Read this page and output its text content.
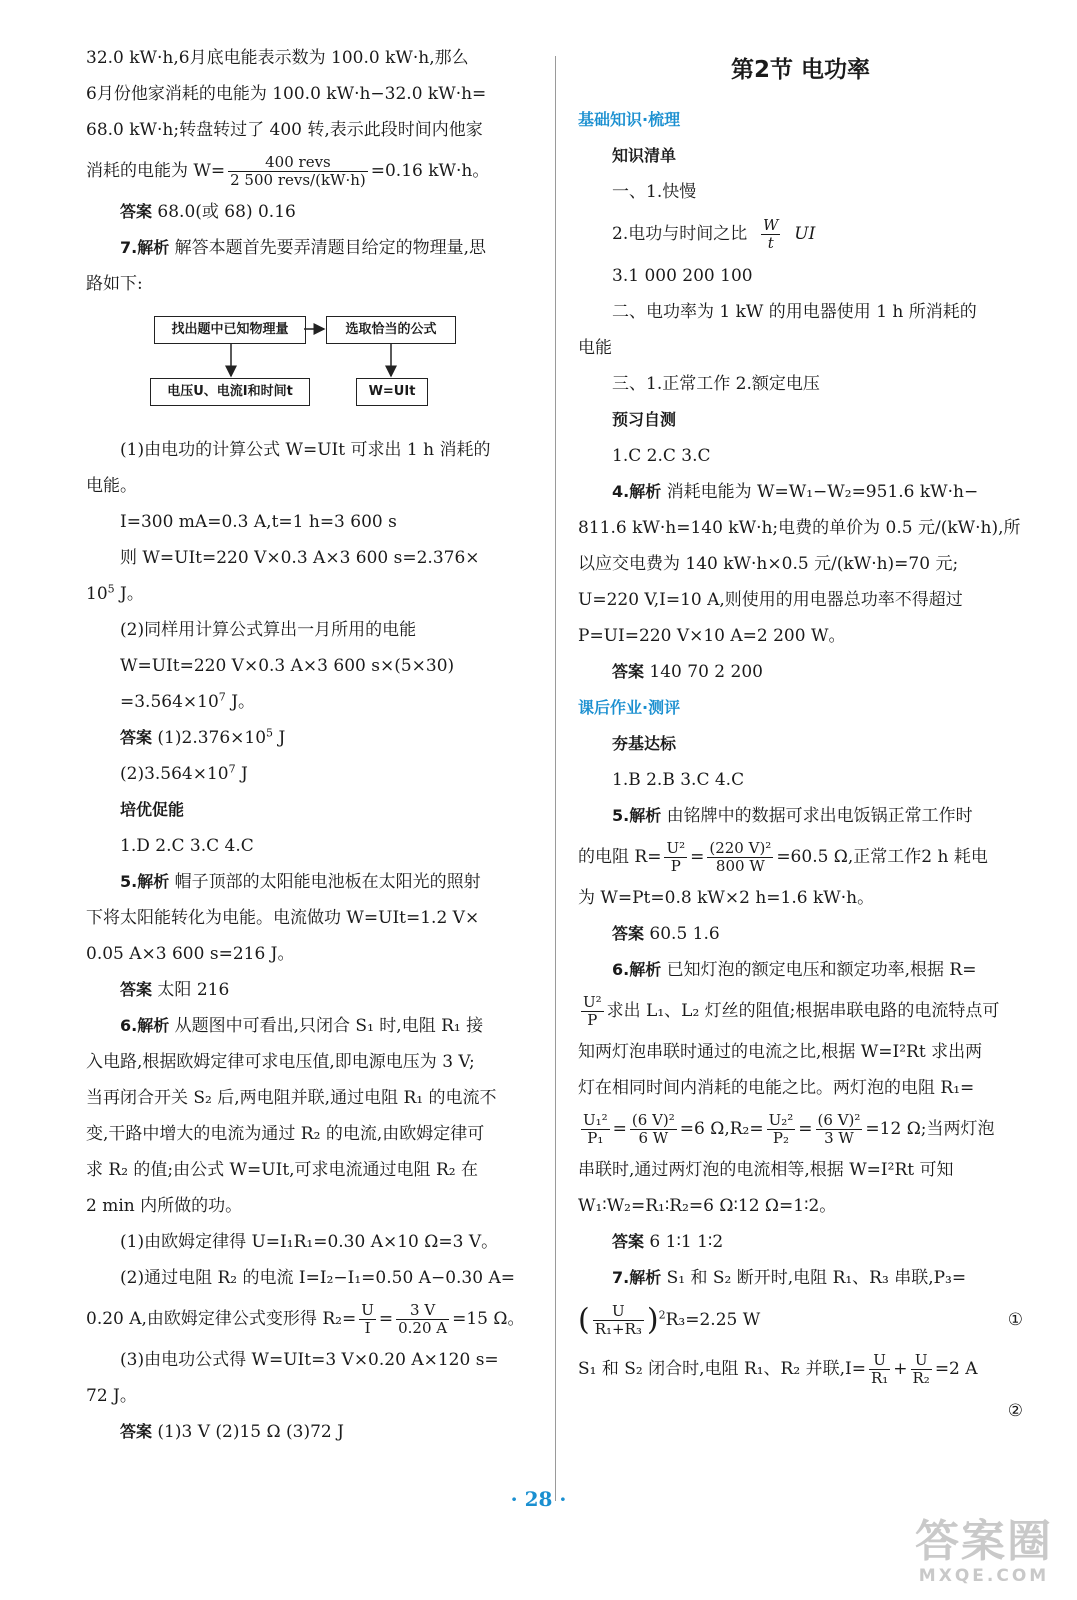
32.0 kW·h,6月底电能表示数为 100.0 kW·h,那么
6月份他家消耗的电能为 100.0 kW·h−32.0 kW·h=
68.0 kW·h;转盘转过了 400 转,表示此段时间内他家
消耗的电能为 $W= \frac{\text{400 revs}}{\text{2 500 revs/(kW·h)}} =0.16$ kW·h。
答案 68.0(或 68) 0.16
7.解析 解答本题首先要弄清题目给定的物理量,思
路如下:
找出题中已知物理量	选取恰当的公式
电压U、电流I和时间t	W=UIt
(1)由电功的计算公式 W=UIt 可求出 1 h 消耗的
电能。
I=300 mA=0.3 A,t=1 h=3 600 s
则 W=UIt=220 V×0.3 A×3 600 s=2.376×
$10^5$ J。
(2)同样用计算公式算出一月所用的电能
W=UIt=220 V×0.3 A×3 600 s×(5×30)
$=3.564\times 10^7$ J。
答案 $(1)2.376\times 10^5$ J
$(2)3.564\times 10^7$ J
培优促能
1.D 2.C 3.C 4.C
5.解析 帽子顶部的太阳能电池板在太阳光的照射
下将太阳能转化为电能。电流做功 W=UIt=1.2 V×
0.05 A×3 600 s=216 J。
答案 太阳 216
6.解析 从题图中可看出,只闭合 S₁ 时,电阻 R₁ 接
入电路,根据欧姆定律可求电压值,即电源电压为 3 V;
当再闭合开关 S₂ 后,两电阻并联,通过电阻 R₁ 的电流不
变,干路中增大的电流为通过 R₂ 的电流,由欧姆定律可
求 R₂ 的值;由公式 W=UIt,可求电流通过电阻 R₂ 在
2 min 内所做的功。
(1)由欧姆定律得 U=I₁R₁=0.30 A×10 Ω=3 V。
(2)通过电阻 R₂ 的电流 I=I₂−I₁=0.50 A−0.30 A=
0.20 A,由欧姆定律公式变形得 $R_2= \frac{U}{I} = \frac{3 V}{0.20 A} =15$ Ω。
(3)由电功公式得 W=UIt=3 V×0.20 A×120 s=
72 J。
答案 (1)3 V (2)15 Ω (3)72 J
第2节 电功率
基础知识·梳理
知识清单
一、1.快慢
2.电功与时间之比 $\frac{W}{t}$ UI
3.1 000 200 100
二、电功率为 1 kW 的用电器使用 1 h 所消耗的
电能
三、1.正常工作 2.额定电压
预习自测
1.C 2.C 3.C
4.解析 消耗电能为 W=W₁−W₂=951.6 kW·h−
811.6 kW·h=140 kW·h;电费的单价为 0.5 元/(kW·h),所
以应交电费为 140 kW·h×0.5 元/(kW·h)=70 元;
U=220 V,I=10 A,则使用的用电器总功率不得超过
P=UI=220 V×10 A=2 200 W。
答案 140 70 2 200
课后作业·测评
夯基达标
1.B 2.B 3.C 4.C
5.解析 由铭牌中的数据可求出电饭锅正常工作时
的电阻 $R= \frac{\text{U²}}{P} = \frac{\text{(220 V)²}}{800 W} =60.5$ Ω,正常工作2 h 耗电
为 W=Pt=0.8 kW×2 h=1.6 kW·h。
答案 60.5 1.6
6.解析 已知灯泡的额定电压和额定功率,根据 R=
$\frac{\text{U²}}{P}$ 求出 L₁、L₂ 灯丝的阻值;根据串联电路的电流特点可
知两灯泡串联时通过的电流之比,根据 W=I²Rt 求出两
灯在相同时间内消耗的电能之比。两灯泡的电阻 R₁=
$\frac{\text{U₁²}}{\text{P₁}} = \frac{\text{(6 V)²}}{6 W} =6$ $\Omega,R_2= \frac{\text{U₂²}}{\text{P₂}} = \frac{\text{(6 V)²}}{3 W} =12$ Ω;当两灯泡
串联时,通过两灯泡的电流相等,根据 W=I²Rt 可知
W₁∶W₂=R₁∶R₂=6 Ω∶12 Ω=1∶2。
答案 6 1∶1 1∶2
7.解析 S₁ 和 S₂ 断开时,电阻 R₁、R₃ 串联,P₃=
( $\frac{U}{\text{R₁+R₃}} )^2R_3=2.25$ W	①
S₁ 和 S₂ 闭合时,电阻 R₁、R₂ 并联$,I= \frac{U}{\text{R₁}} + \frac{U}{\text{R₂}} =2$ A
②
· 28 ·
答案圈
MXQE.COM
